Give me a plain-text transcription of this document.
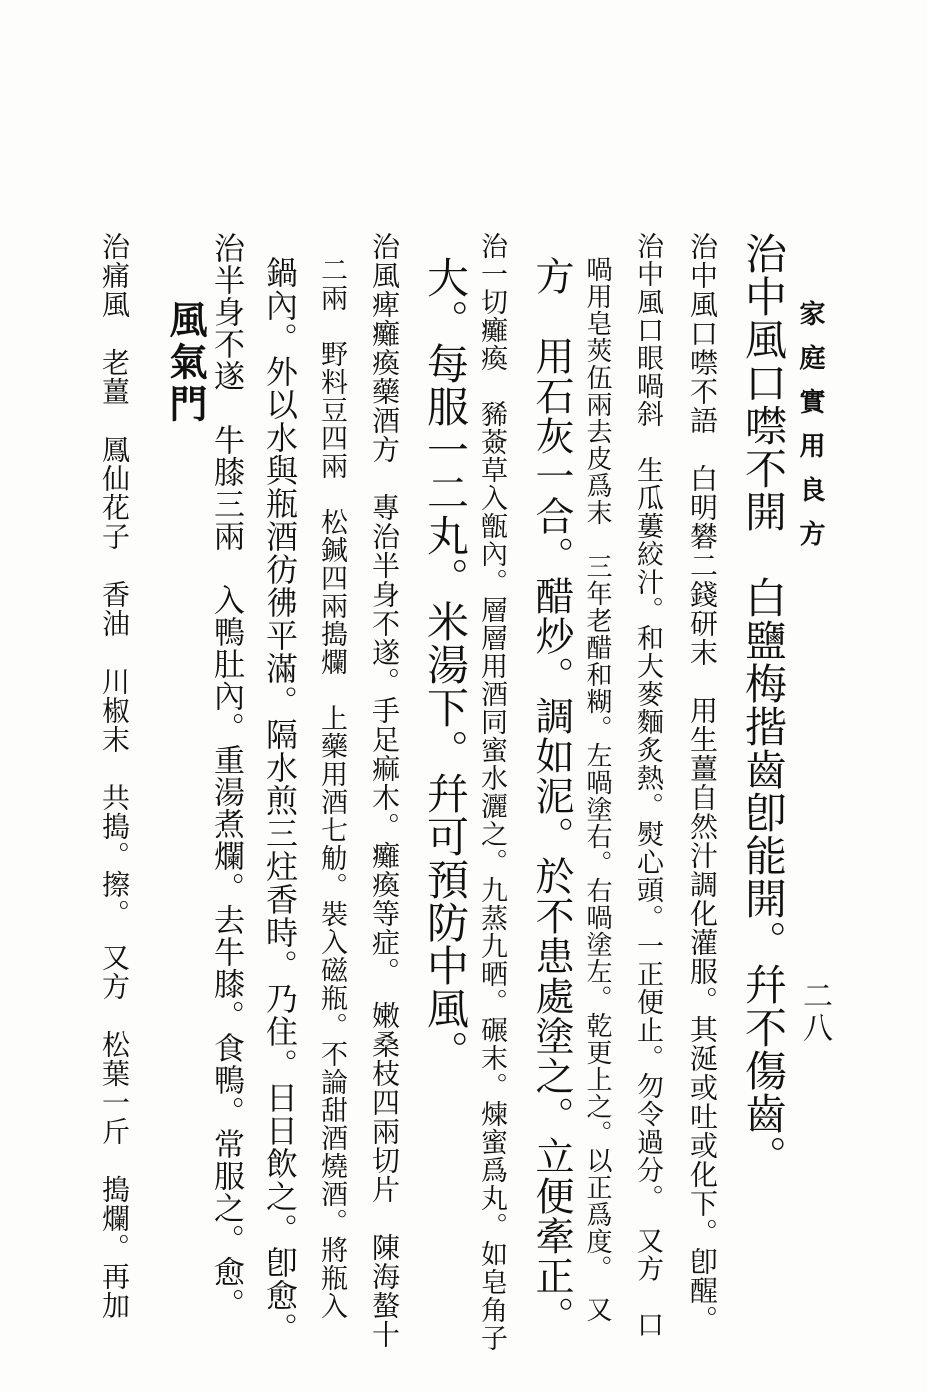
家庭實用良方
二八
治中風口噤不開　白鹽梅揩齒卽能開。幷不傷齒。
治中風口噤不語　白明礬二錢研末　用生薑自然汁調化灌服。其涎或吐或化下。卽醒。
治中風口眼喎斜　生瓜蔞絞汁。和大麥麵炙熱。熨心頭。一正便止。勿令過分。　又方　口
喎用皂莢伍兩去皮爲末　三年老醋和糊。左喎塗右。右喎塗左。乾更上之。以正爲度。　又
方　用石灰一合。醋炒。調如泥。於不患處塗之。立便牽正。
治一切癱瘓　豨薟草入甑內。層層用酒同蜜水灑之。九蒸九晒。碾末。煉蜜爲丸。如皂角子
大。每服一二丸。米湯下。幷可預防中風。
治風痺癱瘓藥酒方　專治半身不遂。手足痲木。癱瘓等症。　嫩桑枝四兩切片　陳海螯十
二兩　野料豆四兩　松鍼四兩搗爛　上藥用酒七觔。裝入磁瓶。不論甜酒燒酒。將瓶入
鍋內。外以水與瓶酒彷彿平滿。隔水煎三炷香時。乃住。日日飲之。卽愈。
治半身不遂　牛膝三兩　入鴨肚內。重湯煮爛。去牛膝。食鴨。常服之。愈。
風氣門
治痛風　老薑　鳳仙花子　香油　川椒末　共搗。擦。　又方　松葉一斤　搗爛。再加
